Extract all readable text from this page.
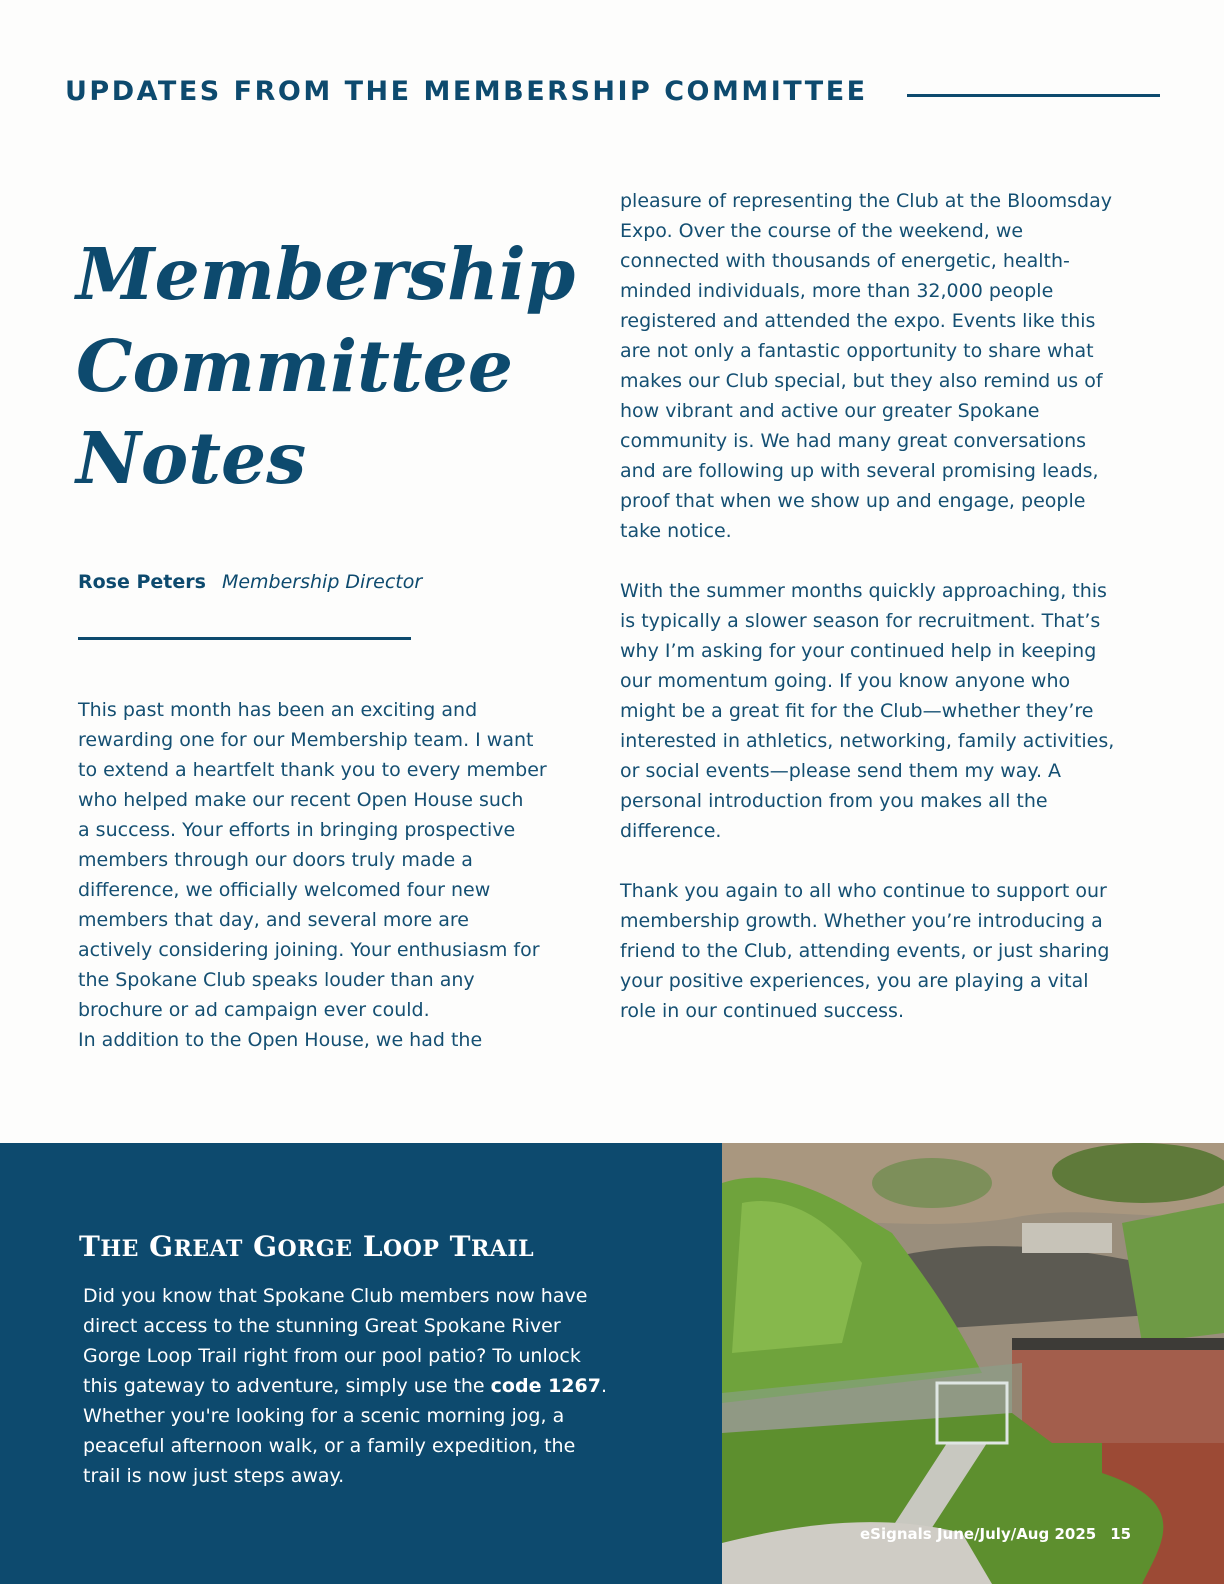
UPDATES FROM THE MEMBERSHIP COMMITTEE
Membership
Committee
Notes
Rose Peters Membership Director

This past month has been an exciting and

rewarding one for our Membership team. I want

to extend a heartfelt thank you to every member

who helped make our recent Open House such

a success. Your efforts in bringing prospective

members through our doors truly made a

difference, we officially welcomed four new

members that day, and several more are

actively considering joining. Your enthusiasm for

the Spokane Club speaks louder than any

brochure or ad campaign ever could.

In addition to the Open House, we had the

pleasure of representing the Club at the Bloomsday

Expo. Over the course of the weekend, we

connected with thousands of energetic, health-

minded individuals, more than 32,000 people

registered and attended the expo. Events like this

are not only a fantastic opportunity to share what

makes our Club special, but they also remind us of

how vibrant and active our greater Spokane

community is. We had many great conversations

and are following up with several promising leads,

proof that when we show up and engage, people

take notice.

With the summer months quickly approaching, this

is typically a slower season for recruitment. That’s

why I’m asking for your continued help in keeping

our momentum going. If you know anyone who

might be a great fit for the Club—whether they’re

interested in athletics, networking, family activities,

or social events—please send them my way. A

personal introduction from you makes all the

difference.

Thank you again to all who continue to support our

membership growth. Whether you’re introducing a

friend to the Club, attending events, or just sharing

your positive experiences, you are playing a vital

role in our continued success.

THE GREAT GORGE LOOP TRAIL

Did you know that Spokane Club members now have

direct access to the stunning Great Spokane River

Gorge Loop Trail right from our pool patio? To unlock

this gateway to adventure, simply use the code 1267.

Whether you're looking for a scenic morning jog, a

peaceful afternoon walk, or a family expedition, the

trail is now just steps away.

eSignals June/July/Aug 2025 15
